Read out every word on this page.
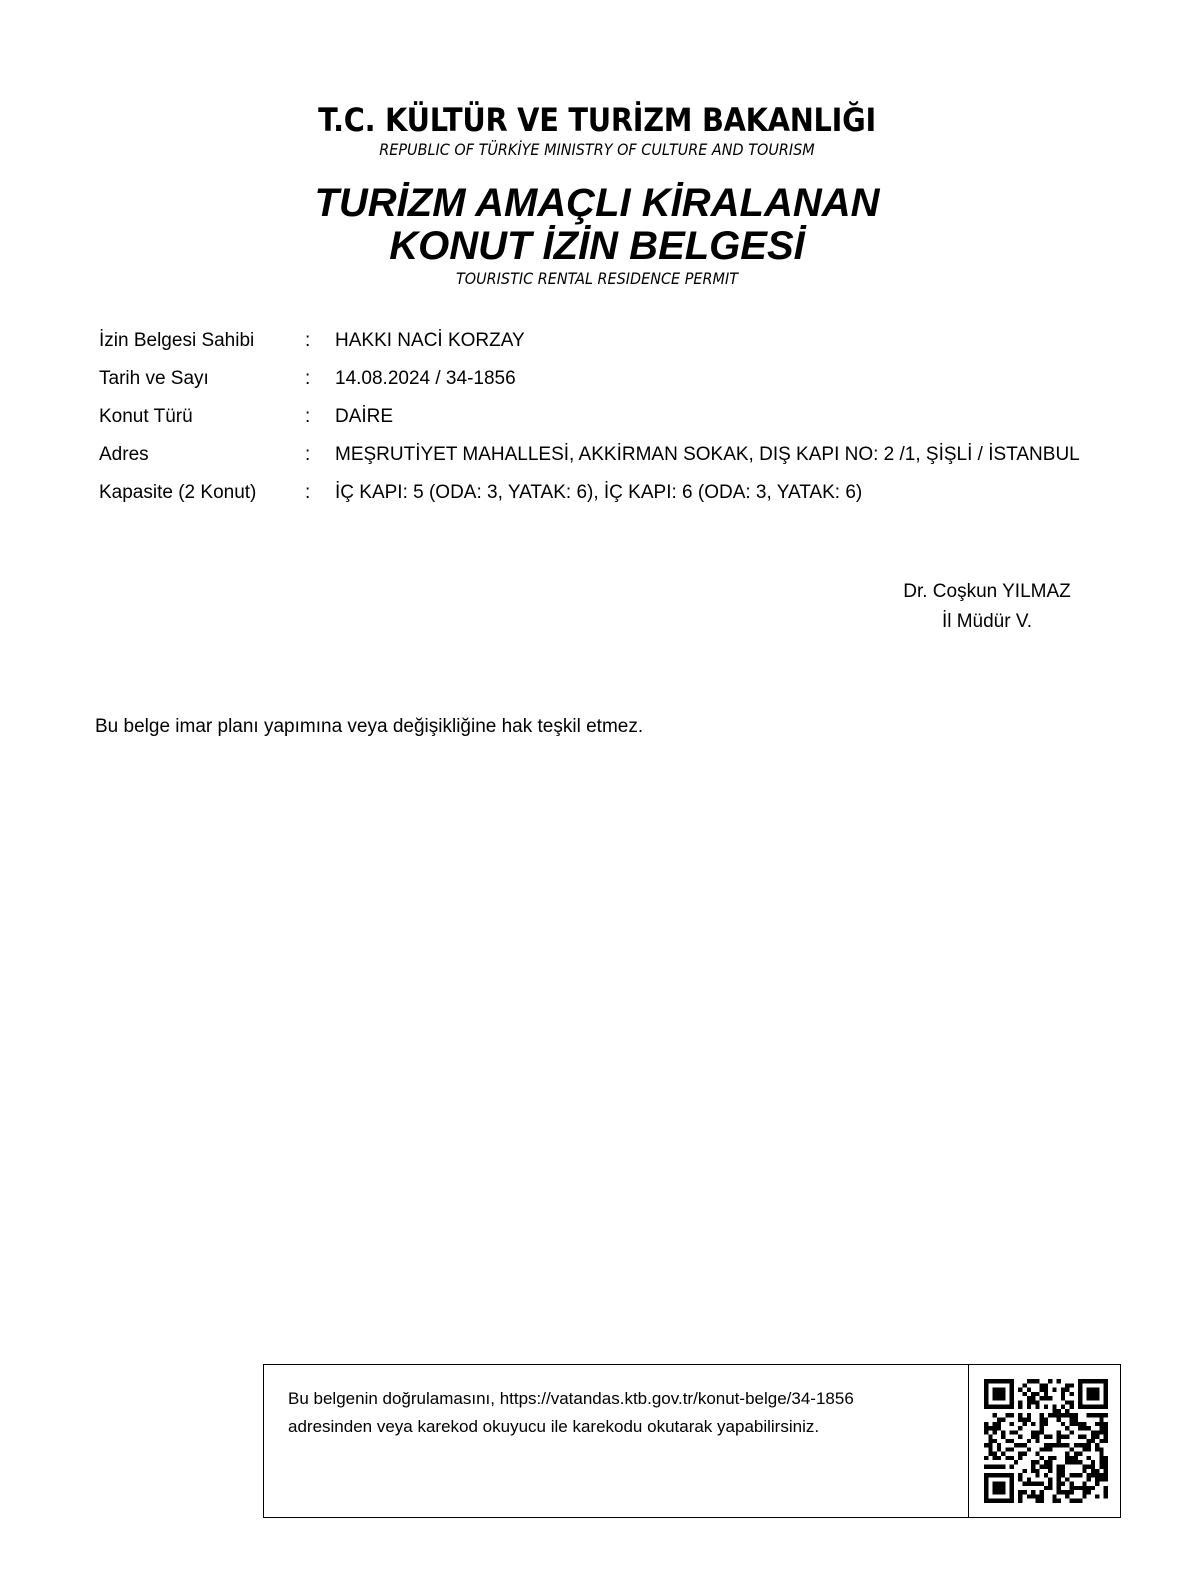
T.C. KÜLTÜR VE TURİZM BAKANLIĞI
REPUBLIC OF TÜRKİYE MINISTRY OF CULTURE AND TOURISM
TURİZM AMAÇLI KİRALANAN
KONUT İZİN BELGESİ
TOURISTIC RENTAL RESIDENCE PERMIT
İzin Belgesi Sahibi	:	HAKKI NACİ KORZAY
Tarih ve Sayı	:	14.08.2024 / 34-1856
Konut Türü	:	DAİRE
Adres	:	MEŞRUTİYET MAHALLESİ, AKKİRMAN SOKAK, DIŞ KAPI NO: 2 /1, ŞİŞLİ / İSTANBUL
Kapasite (2 Konut)	:	İÇ KAPI: 5 (ODA: 3, YATAK: 6), İÇ KAPI: 6 (ODA: 3, YATAK: 6)
Dr. Coşkun YILMAZ
İl Müdür V.
Bu belge imar planı yapımına veya değişikliğine hak teşkil etmez.
Bu belgenin doğrulamasını, https://vatandas.ktb.gov.tr/konut-belge/34-1856
adresinden veya karekod okuyucu ile karekodu okutarak yapabilirsiniz.
